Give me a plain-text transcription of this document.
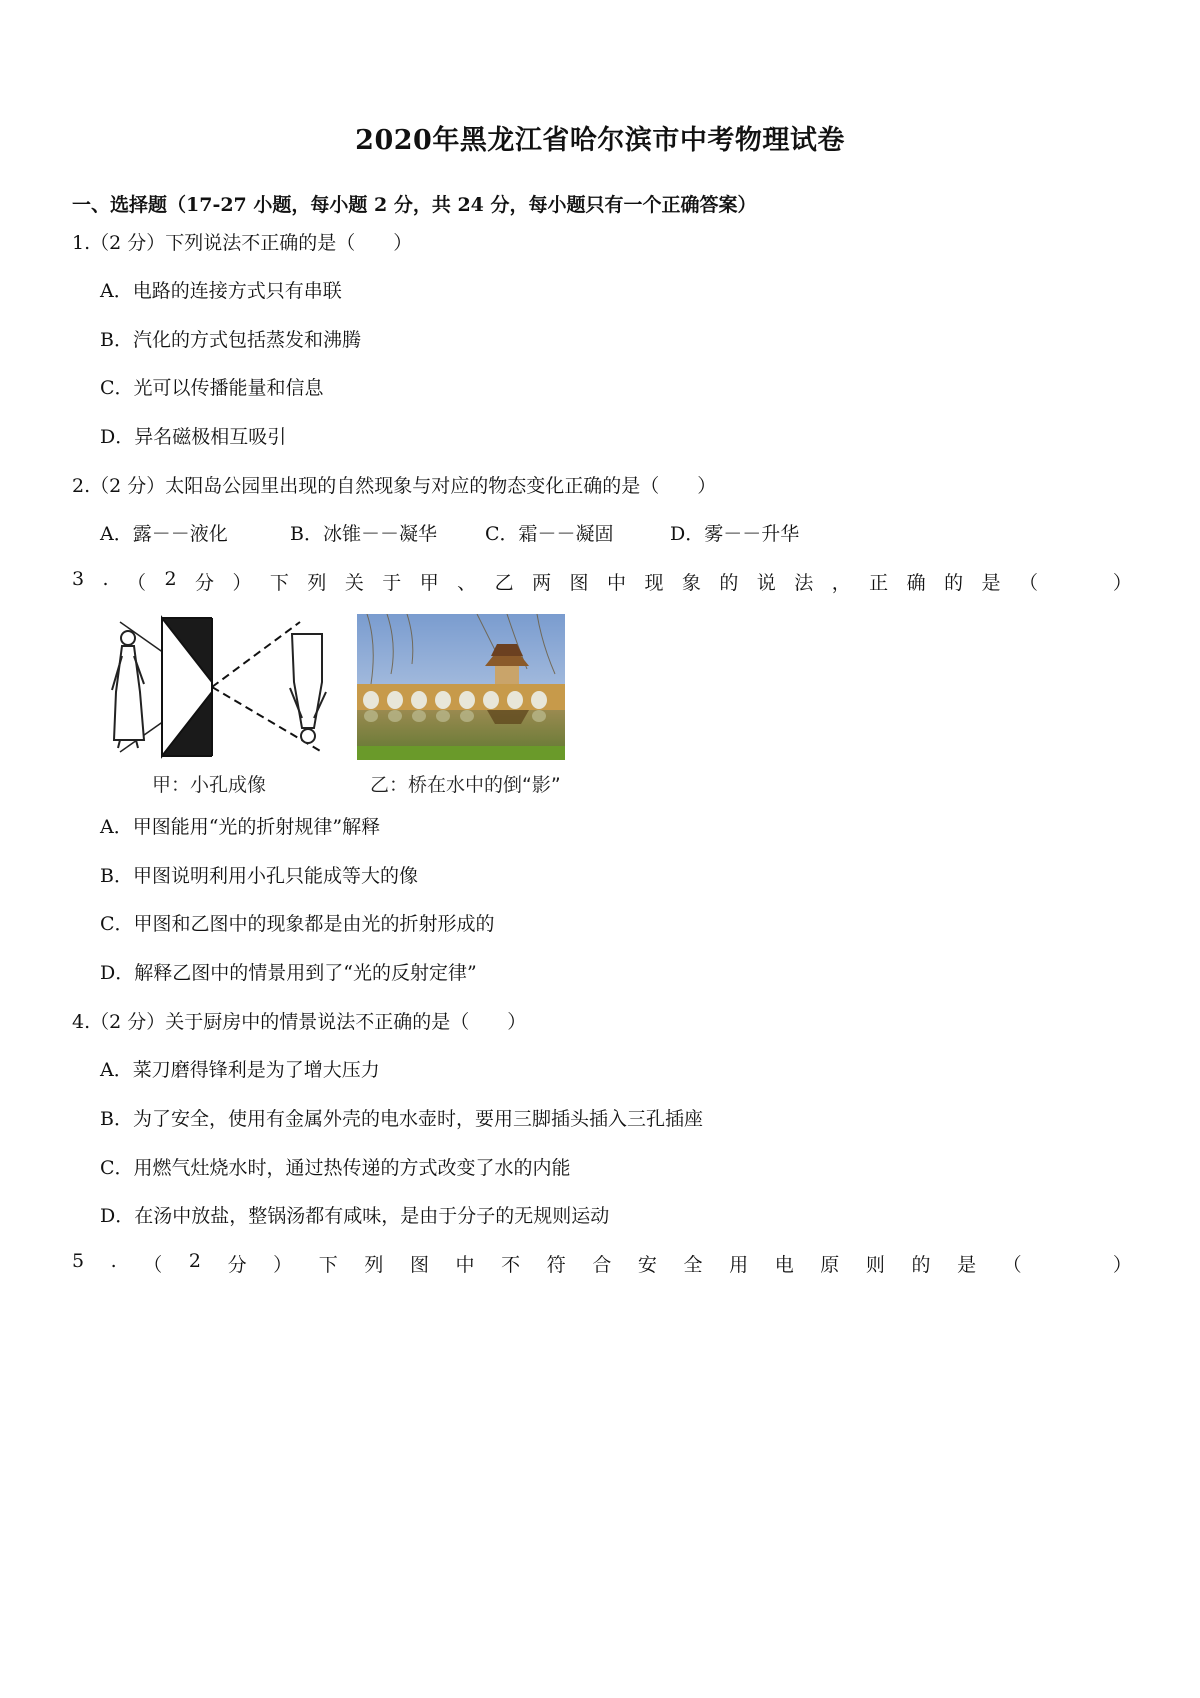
2020年黑龙江省哈尔滨市中考物理试卷
一、选择题（17-27 小题，每小题 2 分，共 24 分，每小题只有一个正确答案）
1.（2 分）下列说法不正确的是（　　）
A．电路的连接方式只有串联
B．汽化的方式包括蒸发和沸腾
C．光可以传播能量和信息
D．异名磁极相互吸引
2.（2 分）太阳岛公园里出现的自然现象与对应的物态变化正确的是（　　）
A．露－－液化	B．冰锥－－凝华	C．霜－－凝固	D．雾－－升华
3 . （ 2 分 ） 下 列 关 于 甲 、 乙 两 图 中 现 象 的 说 法 ， 正 确 的 是 （
　　	）
甲：小孔成像	乙：桥在水中的倒“影”
A．甲图能用“光的折射规律”解释
B．甲图说明利用小孔只能成等大的像
C．甲图和乙图中的现象都是由光的折射形成的
D．解释乙图中的情景用到了“光的反射定律”
4.（2 分）关于厨房中的情景说法不正确的是（　　）
A．菜刀磨得锋利是为了增大压力
B．为了安全，使用有金属外壳的电水壶时，要用三脚插头插入三孔插座
C．用燃气灶烧水时，通过热传递的方式改变了水的内能
D．在汤中放盐，整锅汤都有咸味，是由于分子的无规则运动
5 . （ 2 分 ） 下 列 图 中 不 符 合 安 全 用 电 原 则 的 是 （
　　	）
